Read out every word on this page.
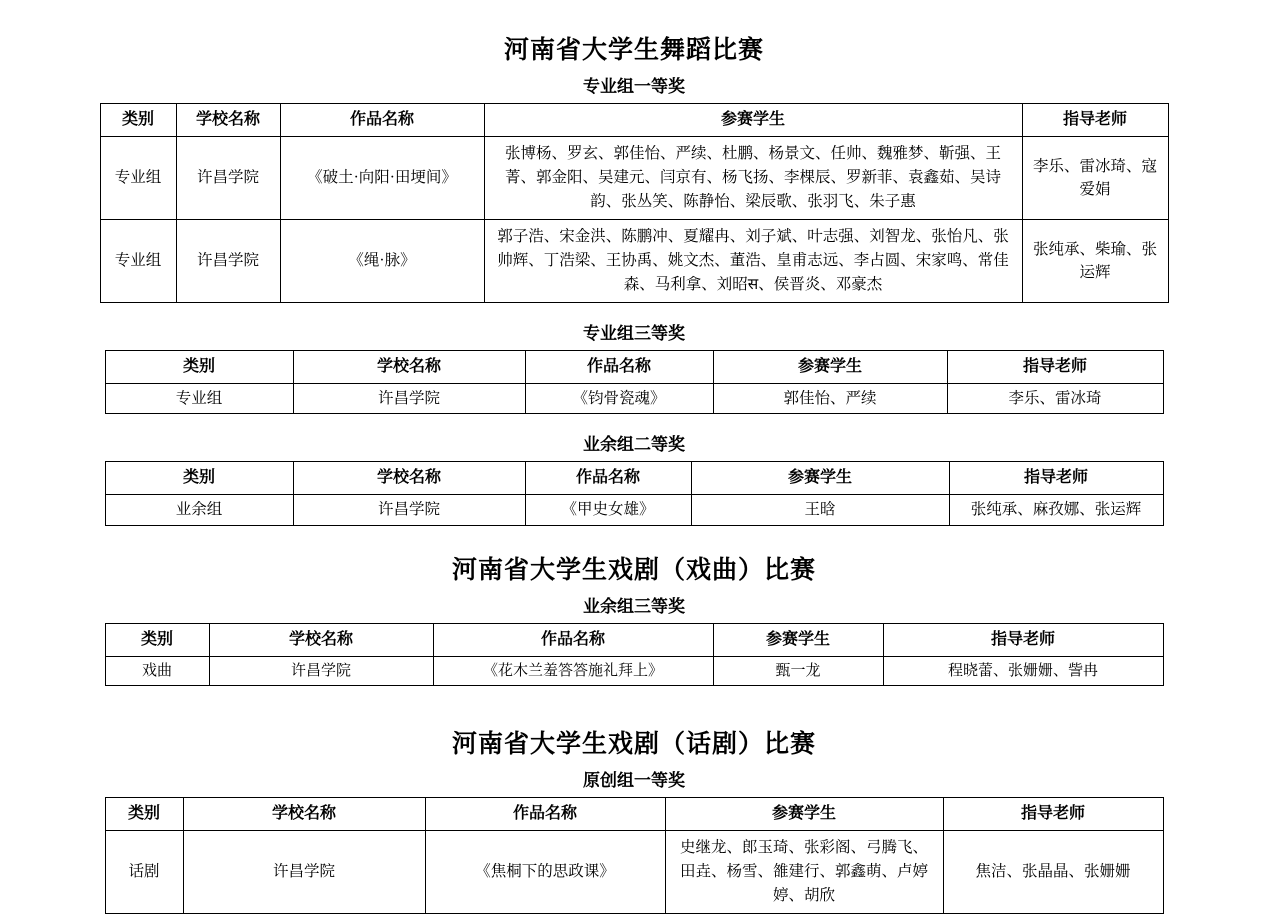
河南省大学生舞蹈比赛
专业组一等奖
类别	学校名称	作品名称	参赛学生	指导老师
专业组	许昌学院	《破土·向阳·田埂间》	张博杨、罗玄、郭佳怡、严续、杜鹏、杨景文、任帅、魏雅梦、靳强、王菁、郭金阳、吴建元、闫京有、杨飞扬、李棵辰、罗新菲、袁鑫茹、吴诗韵、张丛笑、陈静怡、梁辰歌、张羽飞、朱子惠	李乐、雷冰琦、寇爱娟
专业组	许昌学院	《绳·脉》	郭子浩、宋金洪、陈鹏冲、夏耀冉、刘子斌、叶志强、刘智龙、张怡凡、张帅辉、丁浩梁、王协禹、姚文杰、董浩、皇甫志远、李占圆、宋家鸣、常佳森、马利拿、刘昭स、侯晋炎、邓豪杰	张纯承、柴瑜、张运辉
专业组三等奖
类别	学校名称	作品名称	参赛学生	指导老师
专业组	许昌学院	《钧骨瓷魂》	郭佳怡、严续	李乐、雷冰琦
业余组二等奖
类别	学校名称	作品名称	参赛学生	指导老师
业余组	许昌学院	《甲史女雄》	王晗	张纯承、麻孜娜、张运辉
河南省大学生戏剧（戏曲）比赛
业余组三等奖
类别	学校名称	作品名称	参赛学生	指导老师
戏曲	许昌学院	《花木兰羞答答施礼拜上》	甄一龙	程晓蕾、张姗姗、訾冉
河南省大学生戏剧（话剧）比赛
原创组一等奖
类别	学校名称	作品名称	参赛学生	指导老师
话剧	许昌学院	《焦桐下的思政课》	史继龙、郎玉琦、张彩阁、弓腾飞、田垚、杨雪、雒建行、郭鑫萌、卢婷婷、胡欣	焦洁、张晶晶、张姗姗
